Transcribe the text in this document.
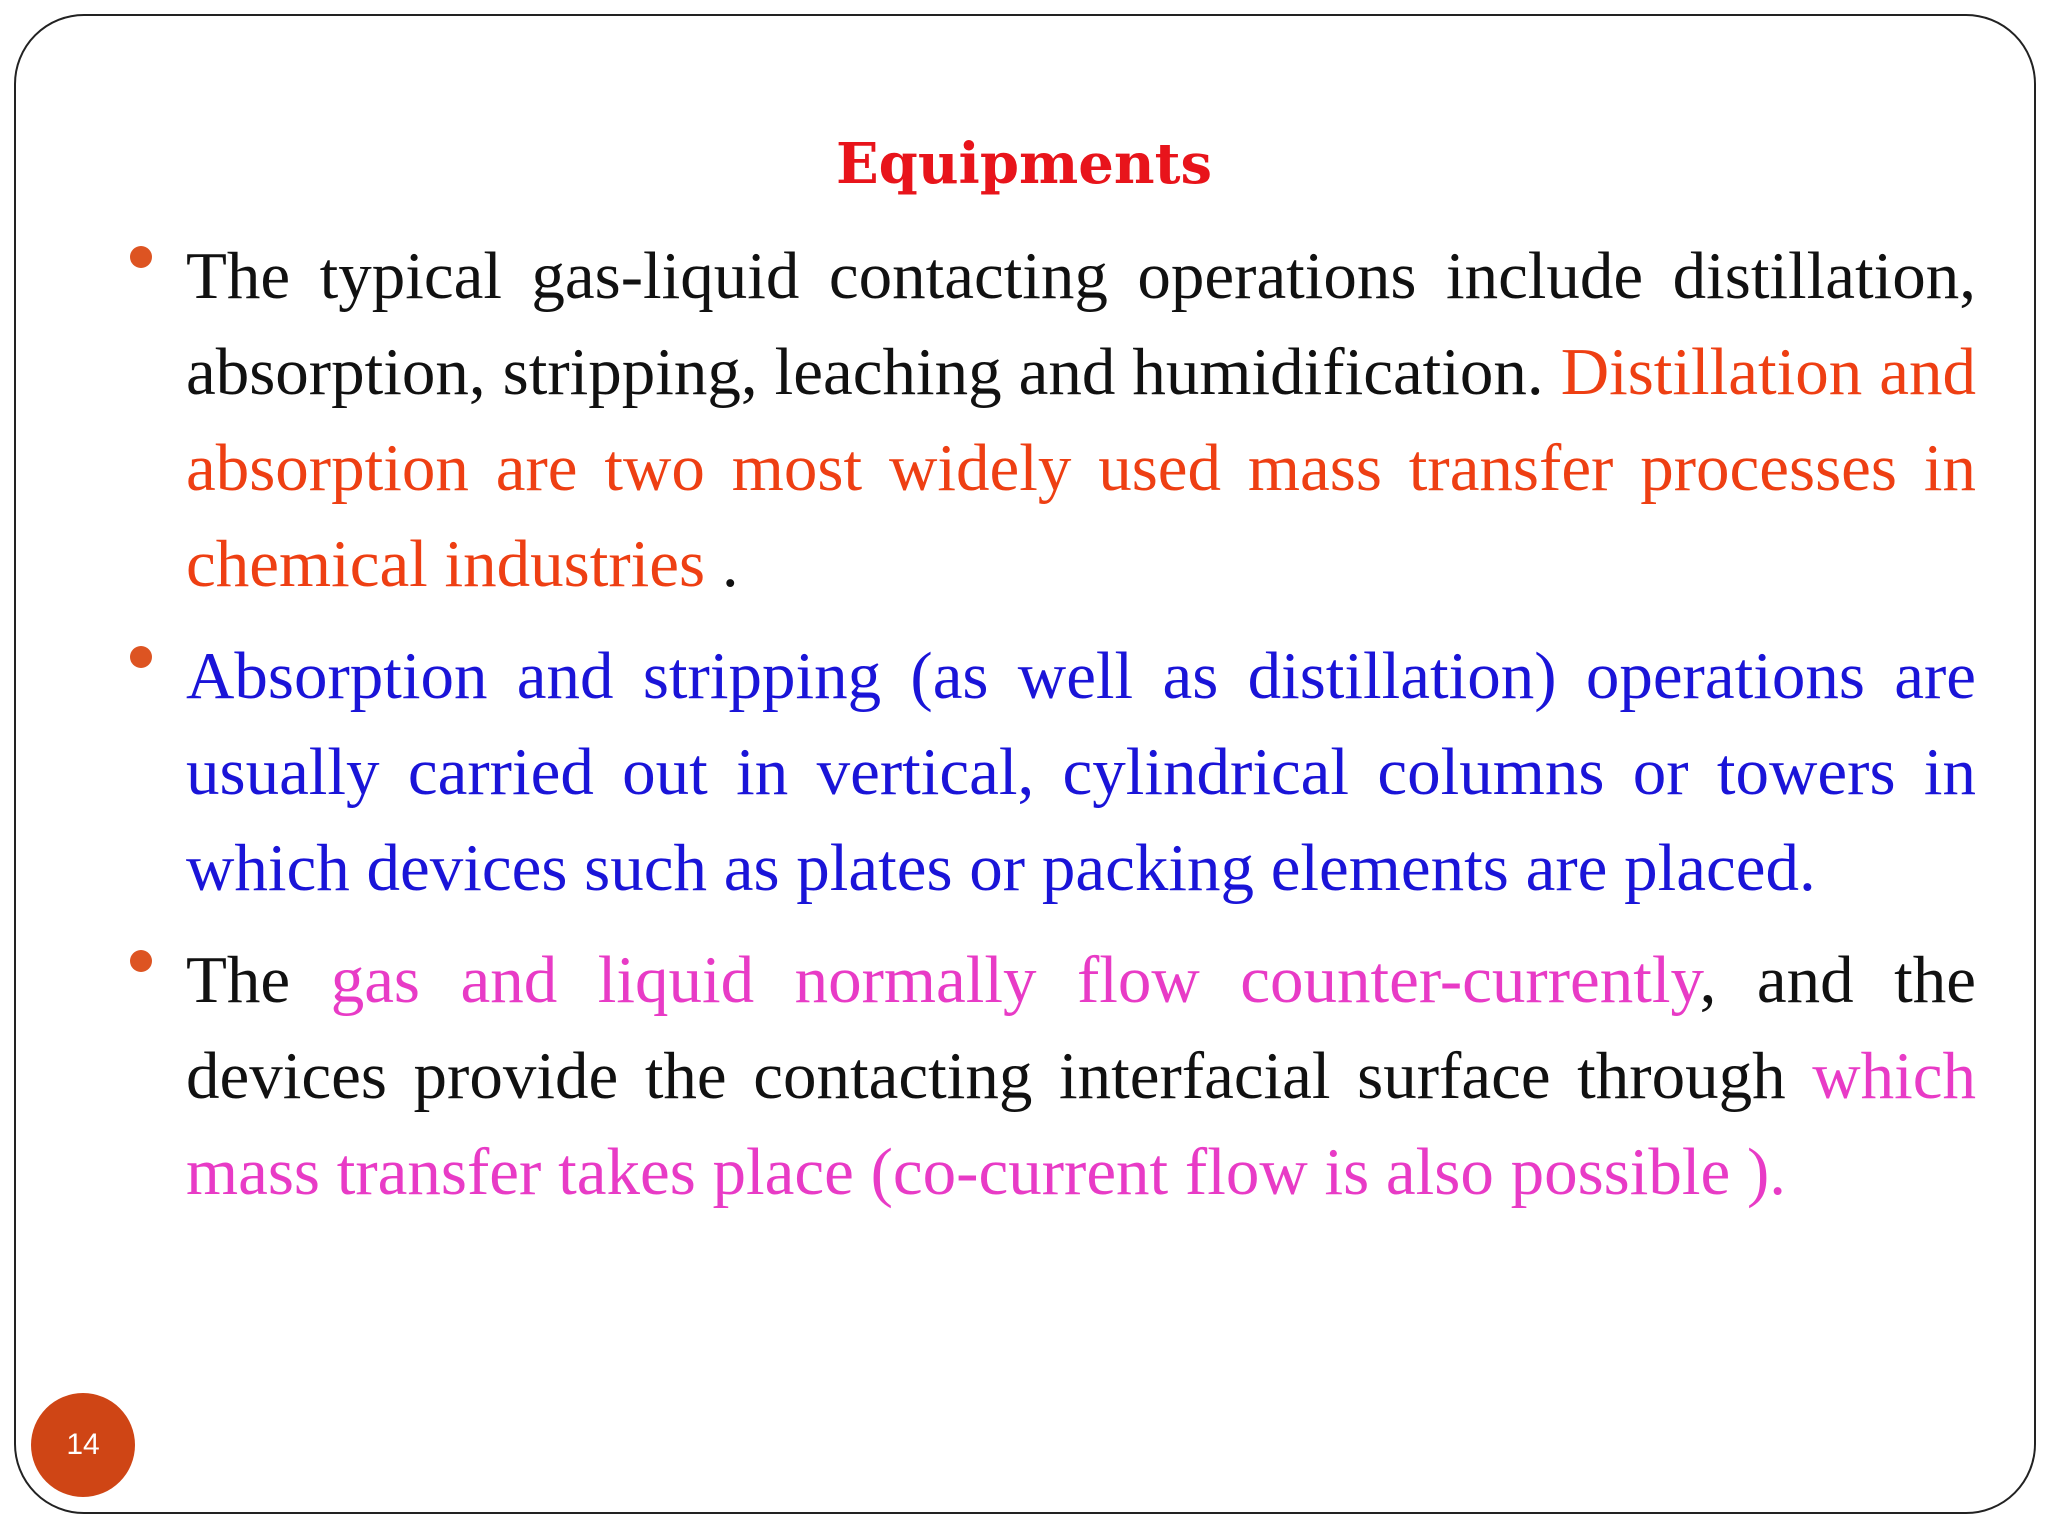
Equipments

The typical gas-liquid contacting operations include distillation, absorption, stripping, leaching and humidification. Distillation and absorption are two most widely used mass transfer processes in chemical industries .

Absorption and stripping (as well as distillation) operations are usually carried out in vertical, cylindrical columns or towers in which devices such as plates or packing elements are placed.

The gas and liquid normally flow counter-currently, and the devices provide the contacting interfacial surface through which mass transfer takes place (co-current flow is also possible ).

14
